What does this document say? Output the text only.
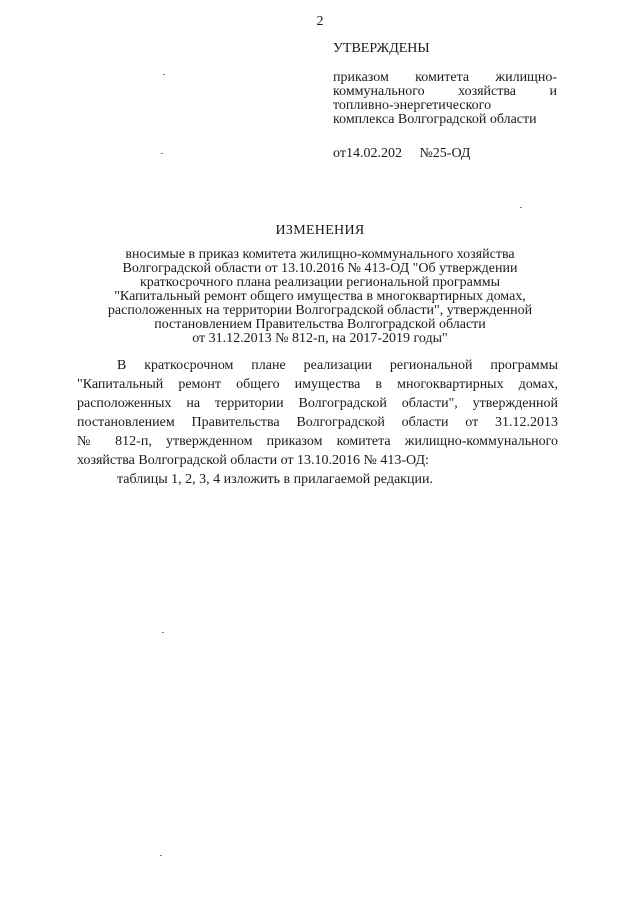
2
УТВЕРЖДЕНЫ
приказом комитета жилищно-
коммунального хозяйства и
топливно-энергетического
комплекса Волгоградской области
от14.02.202 №25-ОД
ИЗМЕНЕНИЯ
вносимые в приказ комитета жилищно-коммунального хозяйства
Волгоградской области от 13.10.2016 № 413-ОД "Об утверждении
краткосрочного плана реализации региональной программы
"Капитальный ремонт общего имущества в многоквартирных домах,
расположенных на территории Волгоградской области", утвержденной
постановлением Правительства Волгоградской области
от 31.12.2013 № 812-п, на 2017-2019 годы"
В краткосрочном плане реализации региональной программы
"Капитальный ремонт общего имущества в многоквартирных домах,
расположенных на территории Волгоградской области", утвержденной
постановлением Правительства Волгоградской области от 31.12.2013
№ 812-п, утвержденном приказом комитета жилищно-коммунального
хозяйства Волгоградской области от 13.10.2016 № 413-ОД:
таблицы 1, 2, 3, 4 изложить в прилагаемой редакции.
